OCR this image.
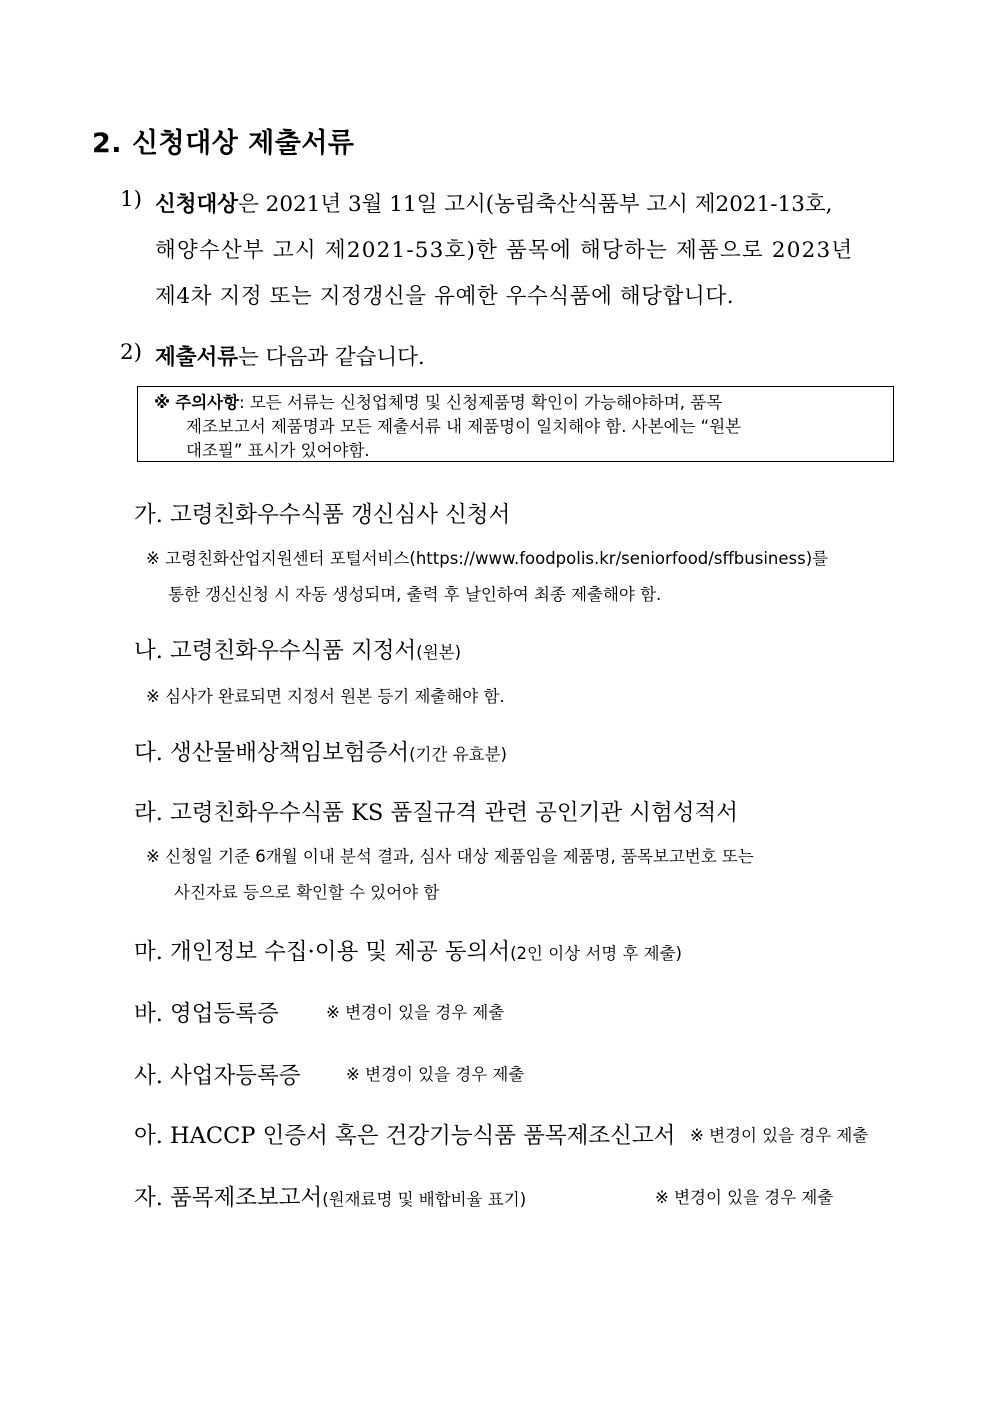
2. 신청대상 제출서류
1) 신청대상은 2021년 3월 11일 고시(농림축산식품부 고시 제2021-13호,
해양수산부 고시 제2021-53호)한 품목에 해당하는 제품으로 2023년
제4차 지정 또는 지정갱신을 유예한 우수식품에 해당합니다.
2) 제출서류는 다음과 같습니다.
※ 주의사항: 모든 서류는 신청업체명 및 신청제품명 확인이 가능해야하며, 품목
제조보고서 제품명과 모든 제출서류 내 제품명이 일치해야 함. 사본에는 “원본
대조필” 표시가 있어야함.
가. 고령친화우수식품 갱신심사 신청서
※ 고령친화산업지원센터 포털서비스(https://www.foodpolis.kr/seniorfood/sffbusiness)를
통한 갱신신청 시 자동 생성되며, 출력 후 날인하여 최종 제출해야 함.
나. 고령친화우수식품 지정서(원본)
※ 심사가 완료되면 지정서 원본 등기 제출해야 함.
다. 생산물배상책임보험증서(기간 유효분)
라. 고령친화우수식품 KS 품질규격 관련 공인기관 시험성적서
※ 신청일 기준 6개월 이내 분석 결과, 심사 대상 제품임을 제품명, 품목보고번호 또는
사진자료 등으로 확인할 수 있어야 함
마. 개인정보 수집·이용 및 제공 동의서(2인 이상 서명 후 제출)
바. 영업등록증	※ 변경이 있을 경우 제출
사. 사업자등록증	※ 변경이 있을 경우 제출
아. HACCP 인증서 혹은 건강기능식품 품목제조신고서 ※ 변경이 있을 경우 제출
자. 품목제조보고서(원재료명 및 배합비율 표기)	※ 변경이 있을 경우 제출
